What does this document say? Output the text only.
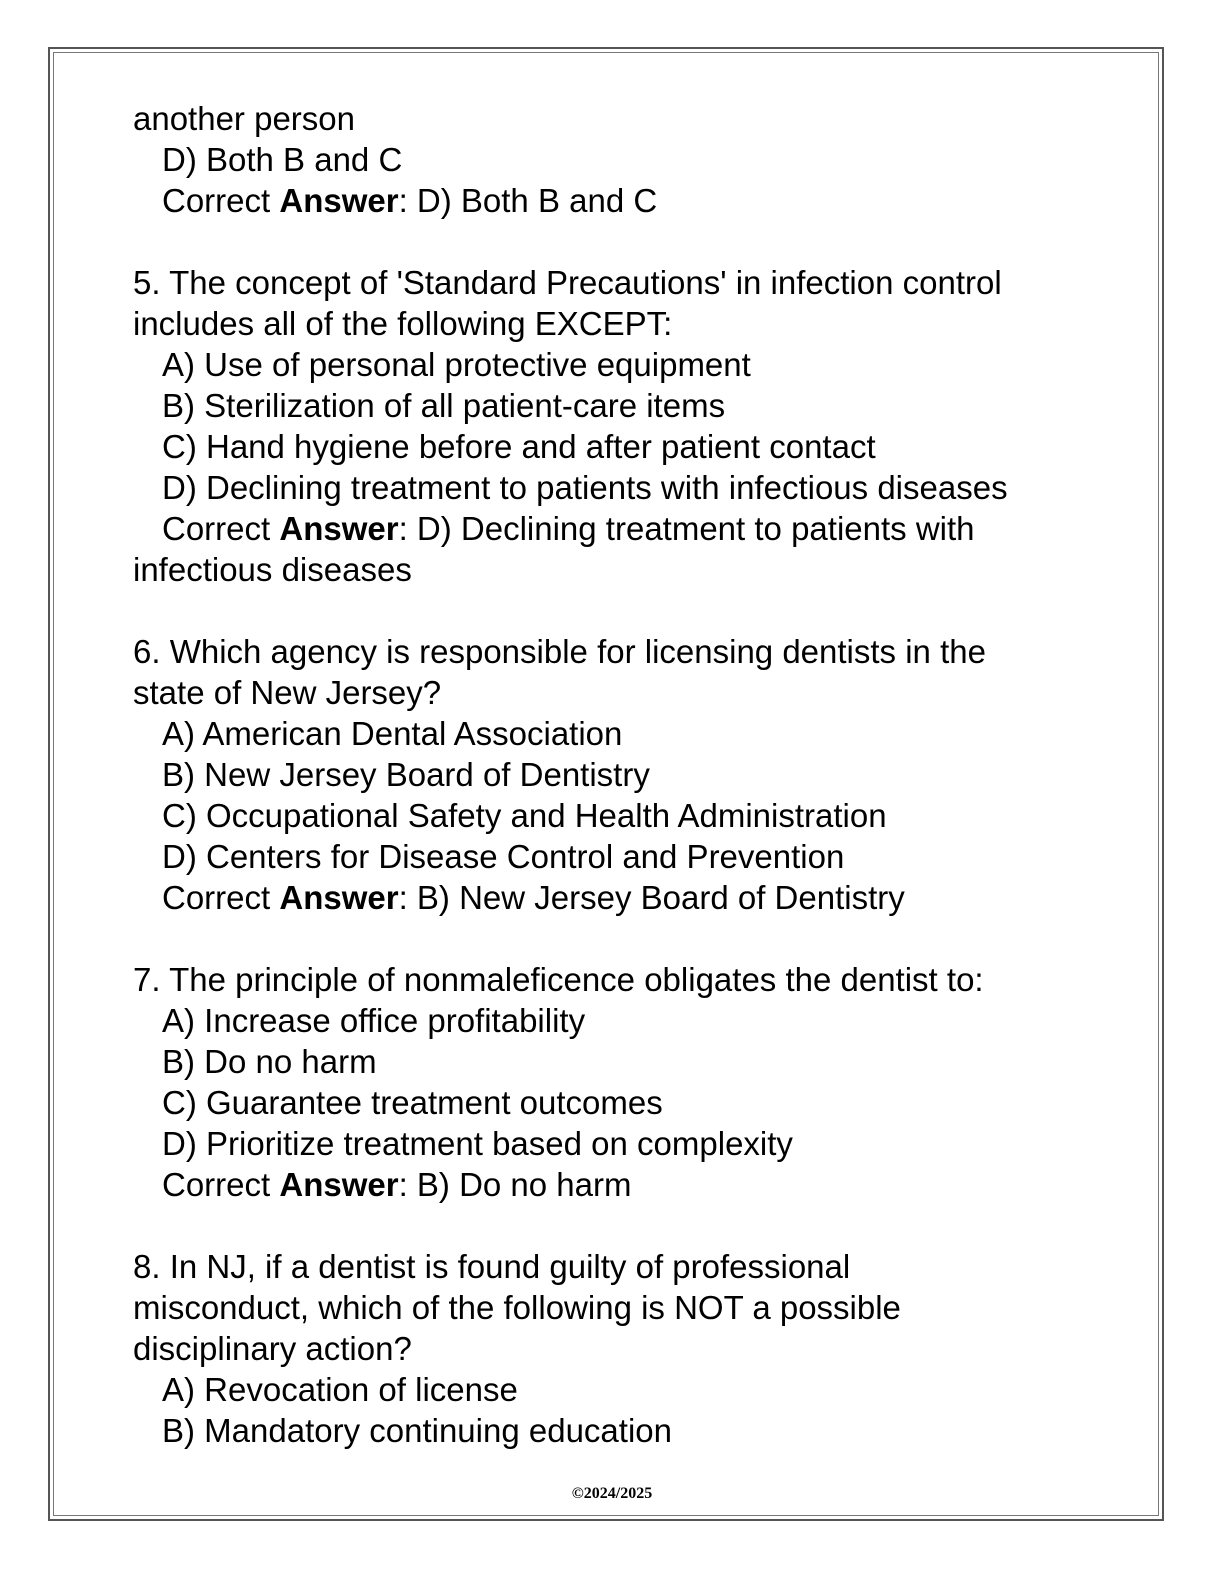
another person
D) Both B and C
Correct Answer: D) Both B and C
5. The concept of 'Standard Precautions' in infection control
includes all of the following EXCEPT:
A) Use of personal protective equipment
B) Sterilization of all patient-care items
C) Hand hygiene before and after patient contact
D) Declining treatment to patients with infectious diseases
Correct Answer: D) Declining treatment to patients with
infectious diseases
6. Which agency is responsible for licensing dentists in the
state of New Jersey?
A) American Dental Association
B) New Jersey Board of Dentistry
C) Occupational Safety and Health Administration
D) Centers for Disease Control and Prevention
Correct Answer: B) New Jersey Board of Dentistry
7. The principle of nonmaleficence obligates the dentist to:
A) Increase office profitability
B) Do no harm
C) Guarantee treatment outcomes
D) Prioritize treatment based on complexity
Correct Answer: B) Do no harm
8. In NJ, if a dentist is found guilty of professional
misconduct, which of the following is NOT a possible
disciplinary action?
A) Revocation of license
B) Mandatory continuing education
©2024/2025
